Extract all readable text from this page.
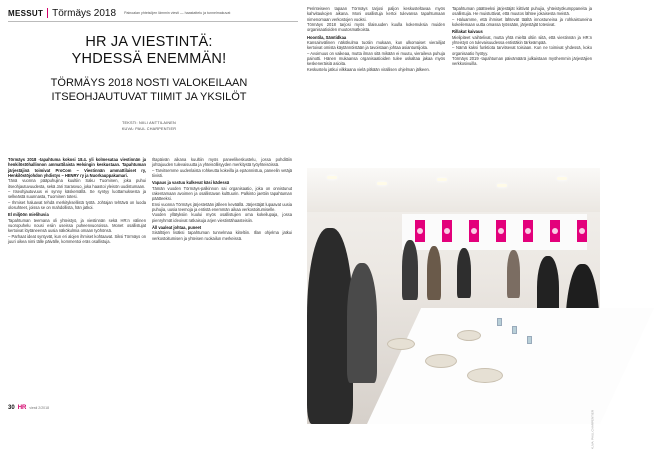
MESSUT Törmäys 2018 Painoalan yhteisöjen lämmin viesti — haastattelu ja tunnelmakuvat
HR JA VIESTINTÄ:
YHDESSÄ ENEMMÄN!
TÖRMÄYS 2018 NOSTI VALOKEILAAN
ITSEOHJAUTUVAT TIIMIT JA YKSILÖT
TEKSTI: NIILI ANTTILAINEN
KUVA: PAUL CHARPENTIER

Törmäys 2018 -tapahtuma kokosi 18.4. yli kolmesataa viestinnän ja henkilöstöhallinnon ammattilaista Helsingin keskustaan. Tapahtuman järjestäjinä toimivat ProCom – Viestinnän ammattilaiset ry, Henkilöstöjohdon yhdistys – HENRY ry ja Nuorkauppakamari.

Tänä vuonna pääpuhujina kuultiin Saku Tuominen, joka puhui itseohjautuvuudesta, sekä Jari Sarasvuo, joka haastoi yleisön uudistumaan.

– Itseohjautuvuus ei synny käskemällä. Se syntyy luottamuksesta ja selkeästä suunnasta, Tuominen totesi.

– Ihmiset haluavat tehdä merkityksellistä työtä. Johtajan tehtävä on luoda olosuhteet, joissa se on mahdollista, hän jatkoi.

El miljöön mielihuvia

Tapahtuman teemana oli yhteistyö, ja viestinnän sekä HR:n välinen vuoropuhelu nousi esiin useissa puheenvuoroissa. Monet osallistujat kertoivat löytäneensä uusia näkökulmia omaan työhönsä.

– Parhaat ideat syntyvät, kun eri alojen ihmiset kohtaavat. Siksi Törmäys on juuri oikea nimi tälle päivälle, kommentoi eräs osallistuja.

Iltapäivän aikana kuultiin myös paneelikeskustelu, jossa pohdittiin johtajuuden tulevaisuutta ja yhteisöllisyyden merkitystä työyhteisöissä.

– Tarvitsemme uudenlaista rohkeutta kokeilla ja epäonnistua, paneelin vetäjä tiivisti.

Vapaus ja vastuu kulkevat käsi kädessä

Tämän vuoden Törmäys-palkinnon sai organisaatio, joka on onnistunut rakentamaan avoimen ja osallistavan kulttuurin. Palkinto jaettiin tapahtuman päätteeksi.

Ensi vuonna Törmäys järjestetään jälleen keväällä. Järjestäjät lupaavat uusia puhujia, uusia teemoja ja entistä enemmän aikaa verkostoitumiselle.

Vuoden yllätyksiin kuului myös osallistujien oma kokeilupaja, jossa pienryhmät ideoivat ratkaisuja arjen viestintähaasteisiin.

Äll vaaleat johtaa, puneet

Sisältöjen lisäksi tapahtuman tunnelmaa kiiteltiin. Illan ohjelma jatkui verkostoitumisen ja yhteisen ruokailun merkeissä.

Perinteiseen tapaan Törmäys tarjosi paljon keskusteltavaa myös kahvitaukojen aikana. Moni osallistuja kertoi tulevansa tapahtumaan nimenomaan verkostojen vuoksi.

Törmäys 2018 tarjosi myös tilaisuuden kuulla kokemuksia muiden organisaatioiden muutosmatkoista.

Hoontila, Sämtidkaa

Kansainvälinen näkökulma tuotiin mukaan, kun ulkomaiset vierailijat kertoivat omista käytännöistään ja tavoistaan johtaa asiantuntijoita.

– Avoimuus on vaikeaa, mutta ilman sitä mikään ei muutu, vieraileva puhuja painotti. Hänen mukaansa organisaatioiden tulee uskaltaa jakaa myös keskeneräisiä asioita.

Keskustelu jatkui vilkkaana vielä pitkään virallisen ohjelman jälkeen.

Tapahtuman päätteeksi järjestäjät kiittivät puhujia, yhteistyökumppaneita ja osallistujia. He muistuttivat, että muutos lähtee jokaisesta meistä.

– Haluamme, että ihmiset lähtevät täältä innostuneina ja rohkaistuneina kokeilemaan uutta omassa työssään, järjestäjät totesivat.

Rillakat kaivaus

Mielipiteet vaihtelivat, mutta yhtä mieltä oltiin siitä, että viestinnän ja HR:n yhteistyö on tulevaisuudessa entistäkin tärkeämpää.

– Nämä kaksi funktiota tarvitsevat toisiaan. Kun ne toimivat yhdessä, koko organisaatio hyötyy.

Törmäys 2019 -tapahtuman päivämäärä julkaistaan myöhemmin järjestäjien verkkosivuilla.

KUVA: PAUL CHARPENTIER
30 HR viesti 2/2018
